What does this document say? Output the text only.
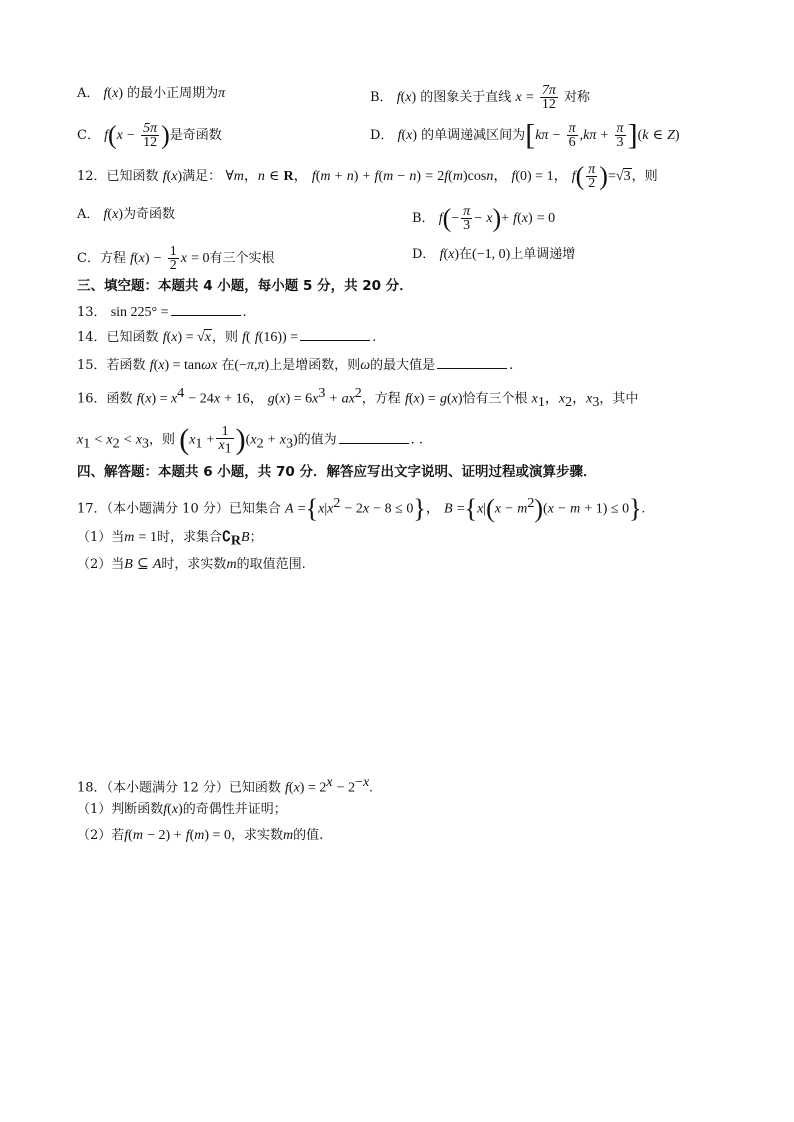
A． f(x) 的最小正周期为π	B． f(x) 的图象关于直线 $x = \frac{7\pi}{12}$ 对称
C． $f(x - \frac{5\pi}{12}$ )是奇函数	D． f(x) 的单调递减区间为$[k\pi - \frac{\pi}{6} ,k\pi + \frac{\pi}{3} ](k$ ∈ Z)
12．已知函数 f(x)满足： ∀m，n ∈ R， f(m + n) + f(m − n) = 2f(m)cosn， f(0) = 1， $f( \frac{\pi}{2} )=√3$，则
A． f(x)为奇函数	B． $f(- \frac{\pi}{3} - x)+ f(x) = 0$
C．方程 $f(x) - \frac{1}{2}$ x = 0有三个实根	D． f(x)在(−1, 0)上单调递增
三、填空题：本题共 4 小题，每小题 5 分，共 20 分．
13． sin 225° =	.
14．已知函数 f(x) = √x，则 f( f(16)) =	.
15．若函数 f(x) = tanωx 在(−π,π)上是增函数，则ω的最大值是	.
16．函数 $f(x) = x^4 - 24x + 16$， $g(x) = 6x^3 + ax^2$，方程 f(x) = g(x)恰有三个根 $x_1$，$x_2$，$x_3$，其中
$x_1 < x_2 < x_3$，则 $(x_1 + \frac{1}{x_1} )(x_2 + x_3)$的值为	. .
四、解答题：本题共 6 小题，共 70 分．解答应写出文字说明、证明过程或演算步骤．
17．（本小题满分 10 分）已知集合 $A =\{x|x^2 - 2x - 8 \le 0\}$， $B =\{x|(x - m^2)(x - m + 1) \le 0\}$.
（1）当m = 1时，求集合$∁_RB$；
（2）当B ⊆ A时，求实数m的取值范围.
18．（本小题满分 12 分）已知函数 $f(x) = 2^x - 2^{-x}$.
（1）判断函数f(x)的奇偶性并证明；
（2）若f(m − 2) + f(m) = 0，求实数m的值.
